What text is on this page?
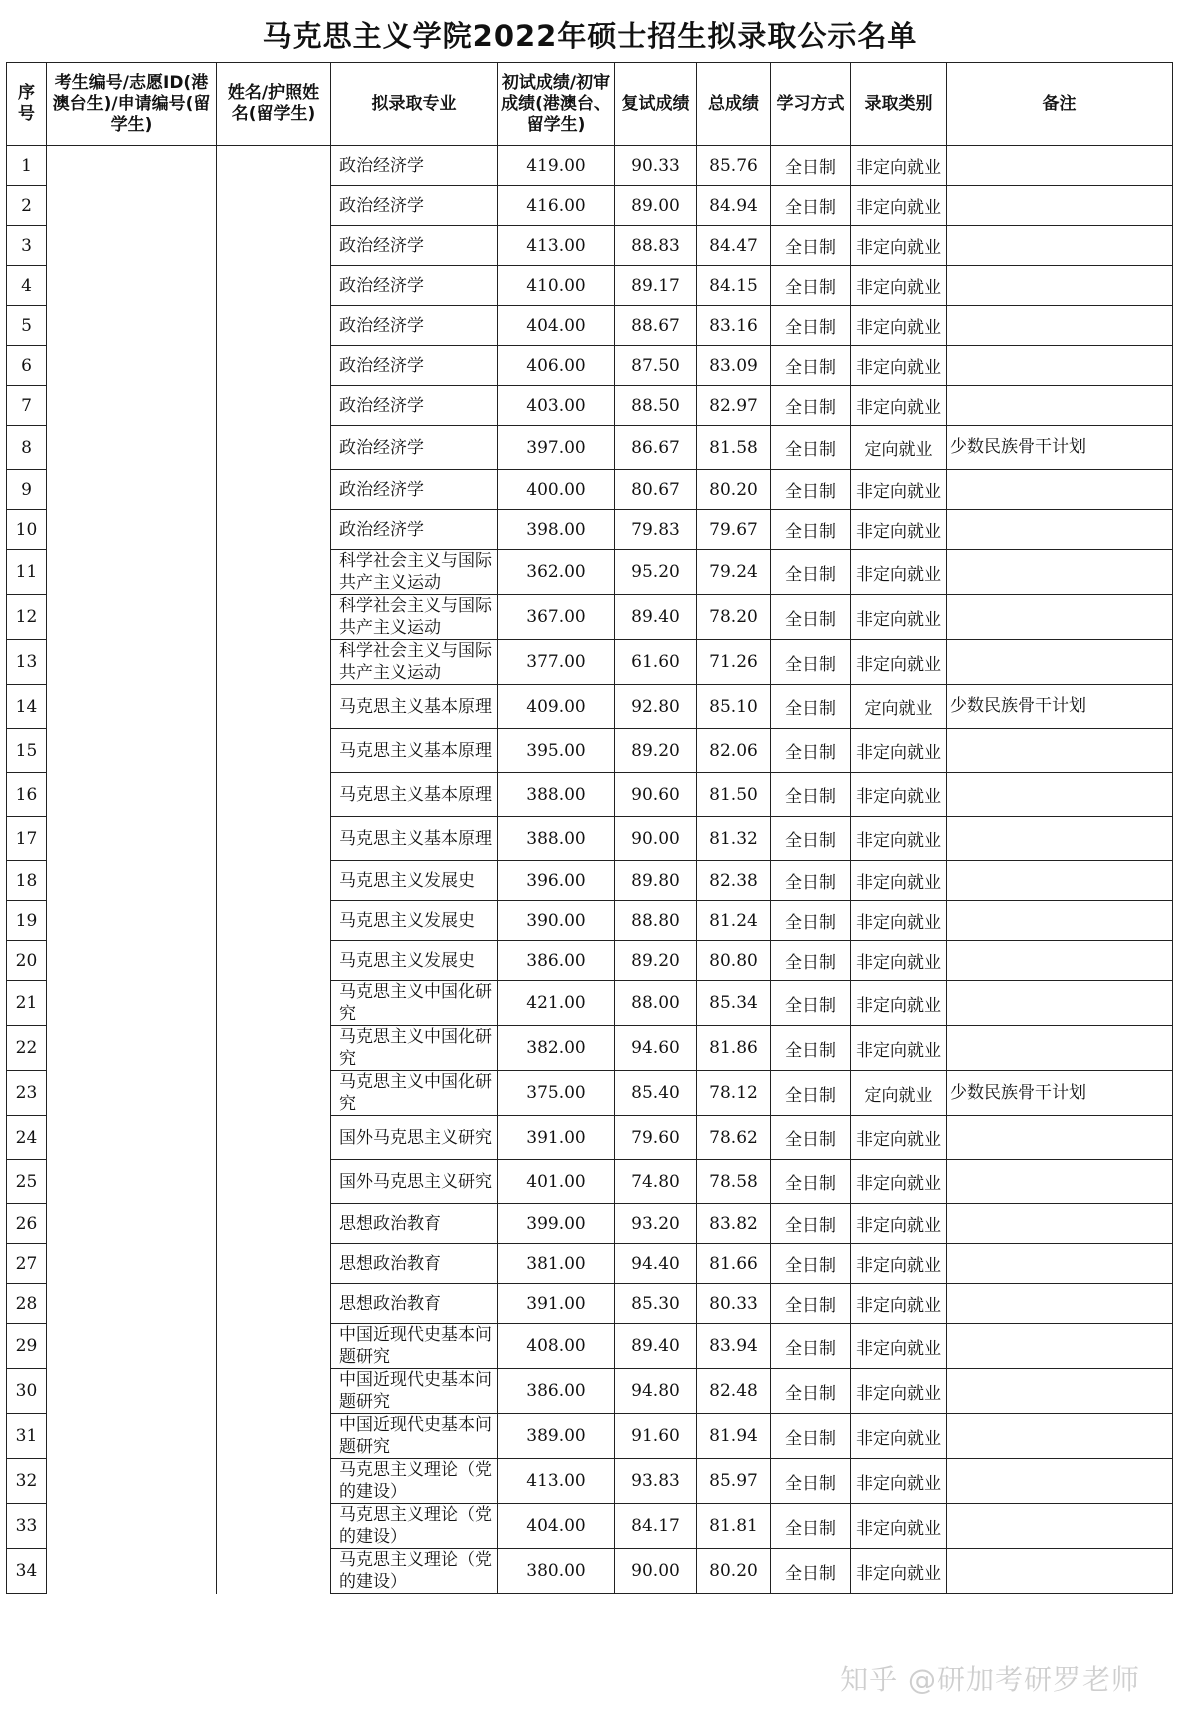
马克思主义学院2022年硕士招生拟录取公示名单
序号	考生编号/志愿ID(港澳台生)/申请编号(留学生)	姓名/护照姓名(留学生)	拟录取专业	初试成绩/初审成绩(港澳台、留学生)	复试成绩	总成绩	学习方式	录取类别	备注
1			政治经济学	419.00	90.33	85.76	全日制	非定向就业	
2			政治经济学	416.00	89.00	84.94	全日制	非定向就业	
3			政治经济学	413.00	88.83	84.47	全日制	非定向就业	
4			政治经济学	410.00	89.17	84.15	全日制	非定向就业	
5			政治经济学	404.00	88.67	83.16	全日制	非定向就业	
6			政治经济学	406.00	87.50	83.09	全日制	非定向就业	
7			政治经济学	403.00	88.50	82.97	全日制	非定向就业	
8			政治经济学	397.00	86.67	81.58	全日制	定向就业	少数民族骨干计划
9			政治经济学	400.00	80.67	80.20	全日制	非定向就业	
10			政治经济学	398.00	79.83	79.67	全日制	非定向就业	
11			科学社会主义与国际共产主义运动	362.00	95.20	79.24	全日制	非定向就业	
12			科学社会主义与国际共产主义运动	367.00	89.40	78.20	全日制	非定向就业	
13			科学社会主义与国际共产主义运动	377.00	61.60	71.26	全日制	非定向就业	
14			马克思主义基本原理	409.00	92.80	85.10	全日制	定向就业	少数民族骨干计划
15			马克思主义基本原理	395.00	89.20	82.06	全日制	非定向就业	
16			马克思主义基本原理	388.00	90.60	81.50	全日制	非定向就业	
17			马克思主义基本原理	388.00	90.00	81.32	全日制	非定向就业	
18			马克思主义发展史	396.00	89.80	82.38	全日制	非定向就业	
19			马克思主义发展史	390.00	88.80	81.24	全日制	非定向就业	
20			马克思主义发展史	386.00	89.20	80.80	全日制	非定向就业	
21			马克思主义中国化研究	421.00	88.00	85.34	全日制	非定向就业	
22			马克思主义中国化研究	382.00	94.60	81.86	全日制	非定向就业	
23			马克思主义中国化研究	375.00	85.40	78.12	全日制	定向就业	少数民族骨干计划
24			国外马克思主义研究	391.00	79.60	78.62	全日制	非定向就业	
25			国外马克思主义研究	401.00	74.80	78.58	全日制	非定向就业	
26			思想政治教育	399.00	93.20	83.82	全日制	非定向就业	
27			思想政治教育	381.00	94.40	81.66	全日制	非定向就业	
28			思想政治教育	391.00	85.30	80.33	全日制	非定向就业	
29			中国近现代史基本问题研究	408.00	89.40	83.94	全日制	非定向就业	
30			中国近现代史基本问题研究	386.00	94.80	82.48	全日制	非定向就业	
31			中国近现代史基本问题研究	389.00	91.60	81.94	全日制	非定向就业	
32			马克思主义理论（党的建设）	413.00	93.83	85.97	全日制	非定向就业	
33			马克思主义理论（党的建设）	404.00	84.17	81.81	全日制	非定向就业	
34			马克思主义理论（党的建设）	380.00	90.00	80.20	全日制	非定向就业	
知乎 @研加考研罗老师
